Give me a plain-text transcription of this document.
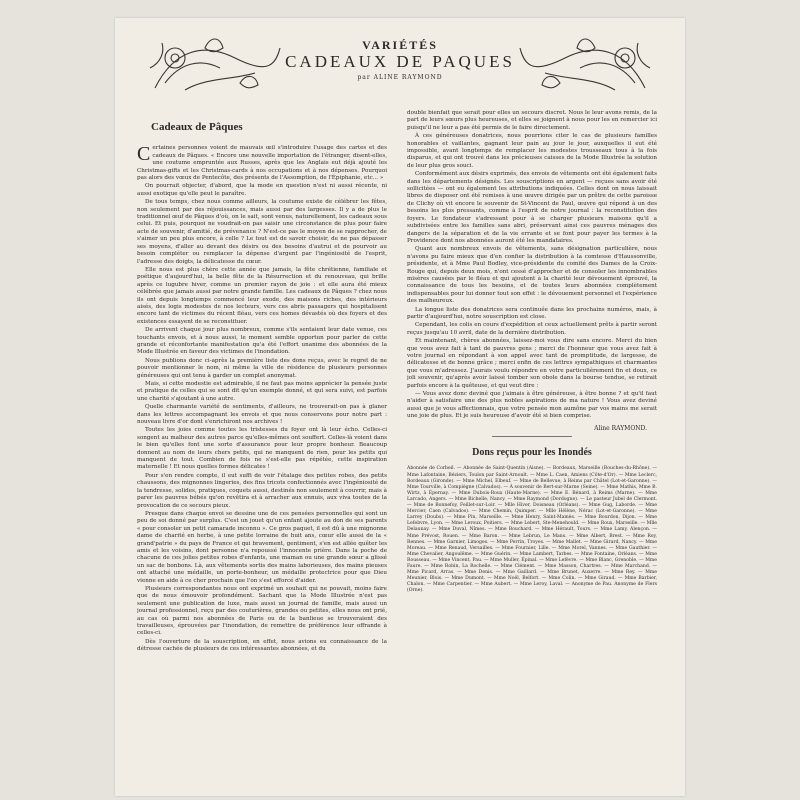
VARIÉTÉS
CADEAUX DE PAQUES
par ALINE RAYMOND
Cadeaux de Pâques

Certaines personnes voient de mauvais œil s'introduire l'usage des cartes et des cadeaux de Pâques. « Encore une nouvelle importation de l'étranger, disent-elles, une coutume empruntée aux Russes, après que les Anglais eut déjà ajouté les Christmas-gifts et les Christmas-cards à nos occupations et à nos dépenses. Pourquoi pas alors des vœux de Pentecôte, des présents de l'Assomption, de l'Épiphanie, etc... »

On pourrait objecter, d'abord, que la mode en question n'est ni aussi récente, ni aussi exotique qu'elle peut le paraître.

De tous temps, chez nous comme ailleurs, la coutume existe de célébrer les fêtes, non seulement par des réjouissances, mais aussi par des largesses. Il y a de plus le traditionnel œuf de Pâques d'où, on le sait, sont venus, naturellement, les cadeaux sous celui. Et puis, pourquoi ne voudrait-on pas saisir une circonstance de plus pour faire acte de souvenir, d'amitié, de prévenance ? N'est-ce pas le moyen de se rapprocher, de s'aimer un peu plus encore, à celle ? Le tout est de savoir choisir, de ne pas dépasser ses moyens, d'aller au devant des désirs ou des besoins d'autrui et de pourvoir au besoin compléter ou remplacer la dépense d'argent par l'ingéniosité de l'esprit, l'adresse des doigts, la délicatesse du cœur.

Elle nous est plus chère cette année que jamais, la fête chrétienne, familiale et poétique d'aujourd'hui, la belle fête de la Résurrection et du renouveau, qui brille après ce lugubre hiver, comme un premier rayon de joie : et elle aura été mieux célébrée que jamais aussi par notre grande famille. Les cadeaux de Pâques ? chez nous ils ont depuis longtemps commencé leur exode, des maisons riches, des intérieurs aisés, des logis modestes de nos lecteurs, vers ces abris passagers qui hospitalisent encore tant de victimes du récent fléau, vers ces homes dévastés où des foyers et des existences essayent de se reconstituer.

De arrivent chaque jour plus nombreux, comme s'ils sentaient leur date venue, ces touchants envois, et à nous aussi, le moment semble opportun pour parler de cette grande et réconfortante manifestation qu'a été l'effort unanime des abonnées de la Mode Illustrée en faveur des victimes de l'inondation.

Nous publions donc ci-après la première liste des dons reçus, avec le regret de ne pouvoir mentionner le nom, ni même la ville de résidence de plusieurs personnes généreuses qui ont tenu à garder un complet anonymat.

Mais, si cette modestie est admirable, il ne faut pas moins apprécier la pensée juste et pratique de celles qui se sont dit qu'un exemple donné, et qui sera suivi, est parfois une charité s'ajoutant à une autre.

Quelle charmante variété de sentiments, d'ailleurs, ne trouverait-on pas à glaner dans les lettres accompagnant les envois et que nous conservons pour notre part : nouveau livre d'or dont s'enrichiront nos archives !

Toutes les joies comme toutes les tristesses du foyer ont là leur écho. Celles-ci songent au malheur des autres parce qu'elles-mêmes ont souffert. Celles-là voient dans le bien qu'elles font une sorte d'assurance pour leur propre bonheur. Beaucoup donnent au nom de leurs chers petits, qui ne manquent de rien, pour les petits qui manquent de tout. Combien de fois ne s'est-elle pas répétée, cette inspiration maternelle ! Et nous quelles formes délicates !

Pour s'en rendre compte, il eut suffi de voir l'étalage des petites robes, des petits chaussons, des mignonnes lingeries, des fins tricots confectionnés avec l'ingéniosité de la tendresse, solides, pratiques, coquets aussi, destinés non seulement à couvrir, mais à parer les pauvres bébés qu'on revêtira et à arracher aux ennuis, aux viva toutes de la provocation de ce secours pieux.

Presque dans chaque envoi se dessine une de ces pensées personnelles qui sont un peu de soi donné par surplus. C'est un jouet qu'un enfant ajoute au don de ses parents « pour consoler un petit camarade inconnu ». Ce gros paquet, il est dû à une mignonne dame de charité en herbe, à une petite lorraine de huit ans, cœur elle aussi de la « grand'patrie » du pays de France et qui bravement, gentiment, s'en est allée quêter les amis et les voisins, dont personne n'a repoussé l'innocente prière. Dans la poche de chacune de ces jolies petites robes d'enfants, une maman ou une grande sœur a glissé un sac de bonbons. Là, aux vêtements sortis des mains laborieuses, des mains pieuses ont attaché une médaille, un porte-bonheur, un médaille protectrice pour que Dieu vienne en aide à ce cher prochain que l'on s'est efforcé d'aider.

Plusieurs correspondantes nous ont exprimé un souhait qui ne pouvait, moins faire que de nous émouvoir profondément. Sachant que la Mode Illustrée n'est pas seulement une publication de luxe, mais aussi un journal de famille, mais aussi un journal professionnel, reçu par des couturières, grandes ou petites, elles nous ont prié, au cas où parmi nos abonnées de Paris ou de la banlieue se trouveraient des travailleuses, éprouvées par l'inondation, de remettre de préférence leur offrande à celles-ci.

Dès l'ouverture de la souscription, en effet, nous avions eu connaissance de la détresse cachée de plusieurs de ces intéressantes abonnées, et du

double bienfait que serait pour elles un secours discret. Nous le leur avons remis, de la part de leurs sœurs plus heureuses, et elles se joignent à nous pour les en remercier ici puisqu'il ne leur a pas été permis de le faire directement.

À ces généreuses donatrices, nous pourrions citer le cas de plusieurs familles honorables et vaillantes, gagnant leur pain au jour le jour, auxquelles il eut été impossible, avant longtemps de remplacer les modestes trousseaux tous à la fois disparus, et qui ont trouvé dans les précieuses caisses de la Mode Illustrée la solution de leur plus gros souci.

Conformément aux désirs exprimés, des envois de vêtements ont été également faits dans les départements désignés. Les souscriptions en argent — reçues sans avoir été sollicitées — ont eu également les attributions indiquées. Celles dont on nous laissait libres de disposer ont été remises à une œuvre dirigée par un prêtre de cette paroisse de Clichy où vit encore le souvenir de St-Vincent de Paul, œuvre qui répond à un des besoins les plus pressants, comme à l'esprit de notre journal : la reconstitution des foyers. Le fondateur s'adressant pour à se charger plusieurs maisons qu'il a subdivisées entre les familles sans abri, préservant ainsi ces pauvres ménages des dangers de la séparation et de la vie errante et se font pour payer les termes à la Providence dont nos abonnées auront été les mandataires.

Quant aux nombreux envois de vêtements, sans désignation particulière, nous n'avons pu faire mieux que d'en confier la distribution à la comtesse d'Haussonville, présidente, et à Mme Paul Bodley, vice-présidente du comité des Dames de la Croix-Rouge qui, depuis deux mois, n'ont cessé d'approcher et de consoler les innombrables misères causées par le fléau et qui ajoutent à la charité leur dévouement éprouvé, la connaissance de tous les besoins, et de toutes leurs abonnées complètement indispensables pour lui donner tout son effet : le dévouement personnel et l'expérience des malheureux.

La longue liste des donatrices sera continuée dans les prochains numéros, mais, à partir d'aujourd'hui, notre souscription est close.

Cependant, les colis en cours d'expédition et ceux actuellement prêts à partir seront reçus jusqu'au 10 avril, date de la dernière distribution.

Et maintenant, chères abonnées, laissez-moi vous dire sans encore. Merci du bien que vous avez fait à tant de pauvres gens ; merci de l'honneur que vous avez fait à votre journal en répondant à son appel avec tant de promptitude, de largesse, de délicatesse et de bonne grâce ; merci enfin de ces lettres sympathiques et charmantes que vous m'adressez. J'aurais voulu répondre en votre particulièrement fin et doux, ce joli souvenir, qu'après avoir laissé tomber son obole dans la bourse tendue, se retirait parfois encore à la quêteuse, et qui veut dire :

— Vous avez donc deviné que j'aimais à être généreuse, à être bonne ? et qu'il faut n'aider à satisfaire une des plus nobles aspirations de ma nature ! Vous avez deviné aussi que je vous affectionnais, que votre pensée mon aumône par vos mains me serait une joie de plus. Et je suis heureuse d'avoir été si bien comprise.

Aline RAYMOND.
Dons reçus pour les Inondés

Abonnée de Corbeil. — Abonnée de Saint-Quentin (Aisne). — Bordeaux, Marseille (Bouches-du-Rhône). — Mme Lafontaine, Béziers, Toulon par Saint-Arnoult. — Mme L. Caen, Amiens (Côte-d'Or). — Mme Leclerc, Bordeaux (Gironde). — Mme Michel, Elbeuf. — Mme de Bellevue, à Reims par Châtel (Lot-et-Garonne). — Mme Tourville, à Compiègne (Calvados). — À souvenir de Bert-sur-Marne (Seine). — Mme Mathis, Mme B. Wirtz, à Épernay. — Mme Dubois-Roux (Haute-Marne). — Mme E. Bénard, à Reims (Marne). — Mme Larcado, Angers. — Mme Bichelle, Nancy. — Mme Raymond (Dordogne). — Le pasteur Jubel de Clermont. — Mme de Bonnefoy, Feillet-sur-Loir. — Mlle Hiver, Doisneau (Orléans). — Mme Gug, Laborde. — Mme Mercier, Caen (Calvados). — Mme Chemin, Quimper. — Mlle Hélène, Nérac (Lot-et-Garonne). — Mme Larrey (Doubs). — Mme Pin, Marseille. — Mme Henry, Saint-Mamès. — Mme Bourdon, Dijon. — Mme Lefebvre, Lyon. — Mme Leroux, Poitiers. — Mme Lebert, Ste-Menehould. — Mme Roux, Marseille. — Mlle Delaunay. — Mme Duval, Nîmes. — Mme Bouchard. — Mme Hérault, Tours. — Mme Lamy, Alençon. — Mme Prévost, Rouen. — Mme Baron. — Mme Lebrun, Le Mans. — Mme Albert, Brest. — Mme Roy, Rennes. — Mme Garnier, Limoges. — Mme Perrin, Troyes. — Mme Mallet. — Mme Girard, Nancy. — Mme Moreau. — Mme Renaud, Versailles. — Mme Fournier, Lille. — Mme Morel, Vannes. — Mme Gauthier. — Mme Chevalier, Angoulême. — Mme Guérin. — Mme Lambert, Tarbes. — Mme Fontaine, Orléans. — Mme Rousseau. — Mme Vincent, Pau. — Mme Muller, Épinal. — Mme Lefèvre. — Mme Blanc, Grenoble. — Mme Faure. — Mme Robin, La Rochelle. — Mme Clément. — Mme Masson, Chartres. — Mme Marchand. — Mme Picard, Arras. — Mme Denis. — Mme Gaillard. — Mme Brunet, Auxerre. — Mme Rey. — Mme Meunier, Blois. — Mme Dumont. — Mme Noël, Belfort. — Mme Colin. — Mme Giraud. — Mme Barbier, Chalon. — Mme Carpentier. — Mme Aubert. — Mme Leroy, Laval. — Anonyme de Pau. Anonyme de Flers (Orne).
